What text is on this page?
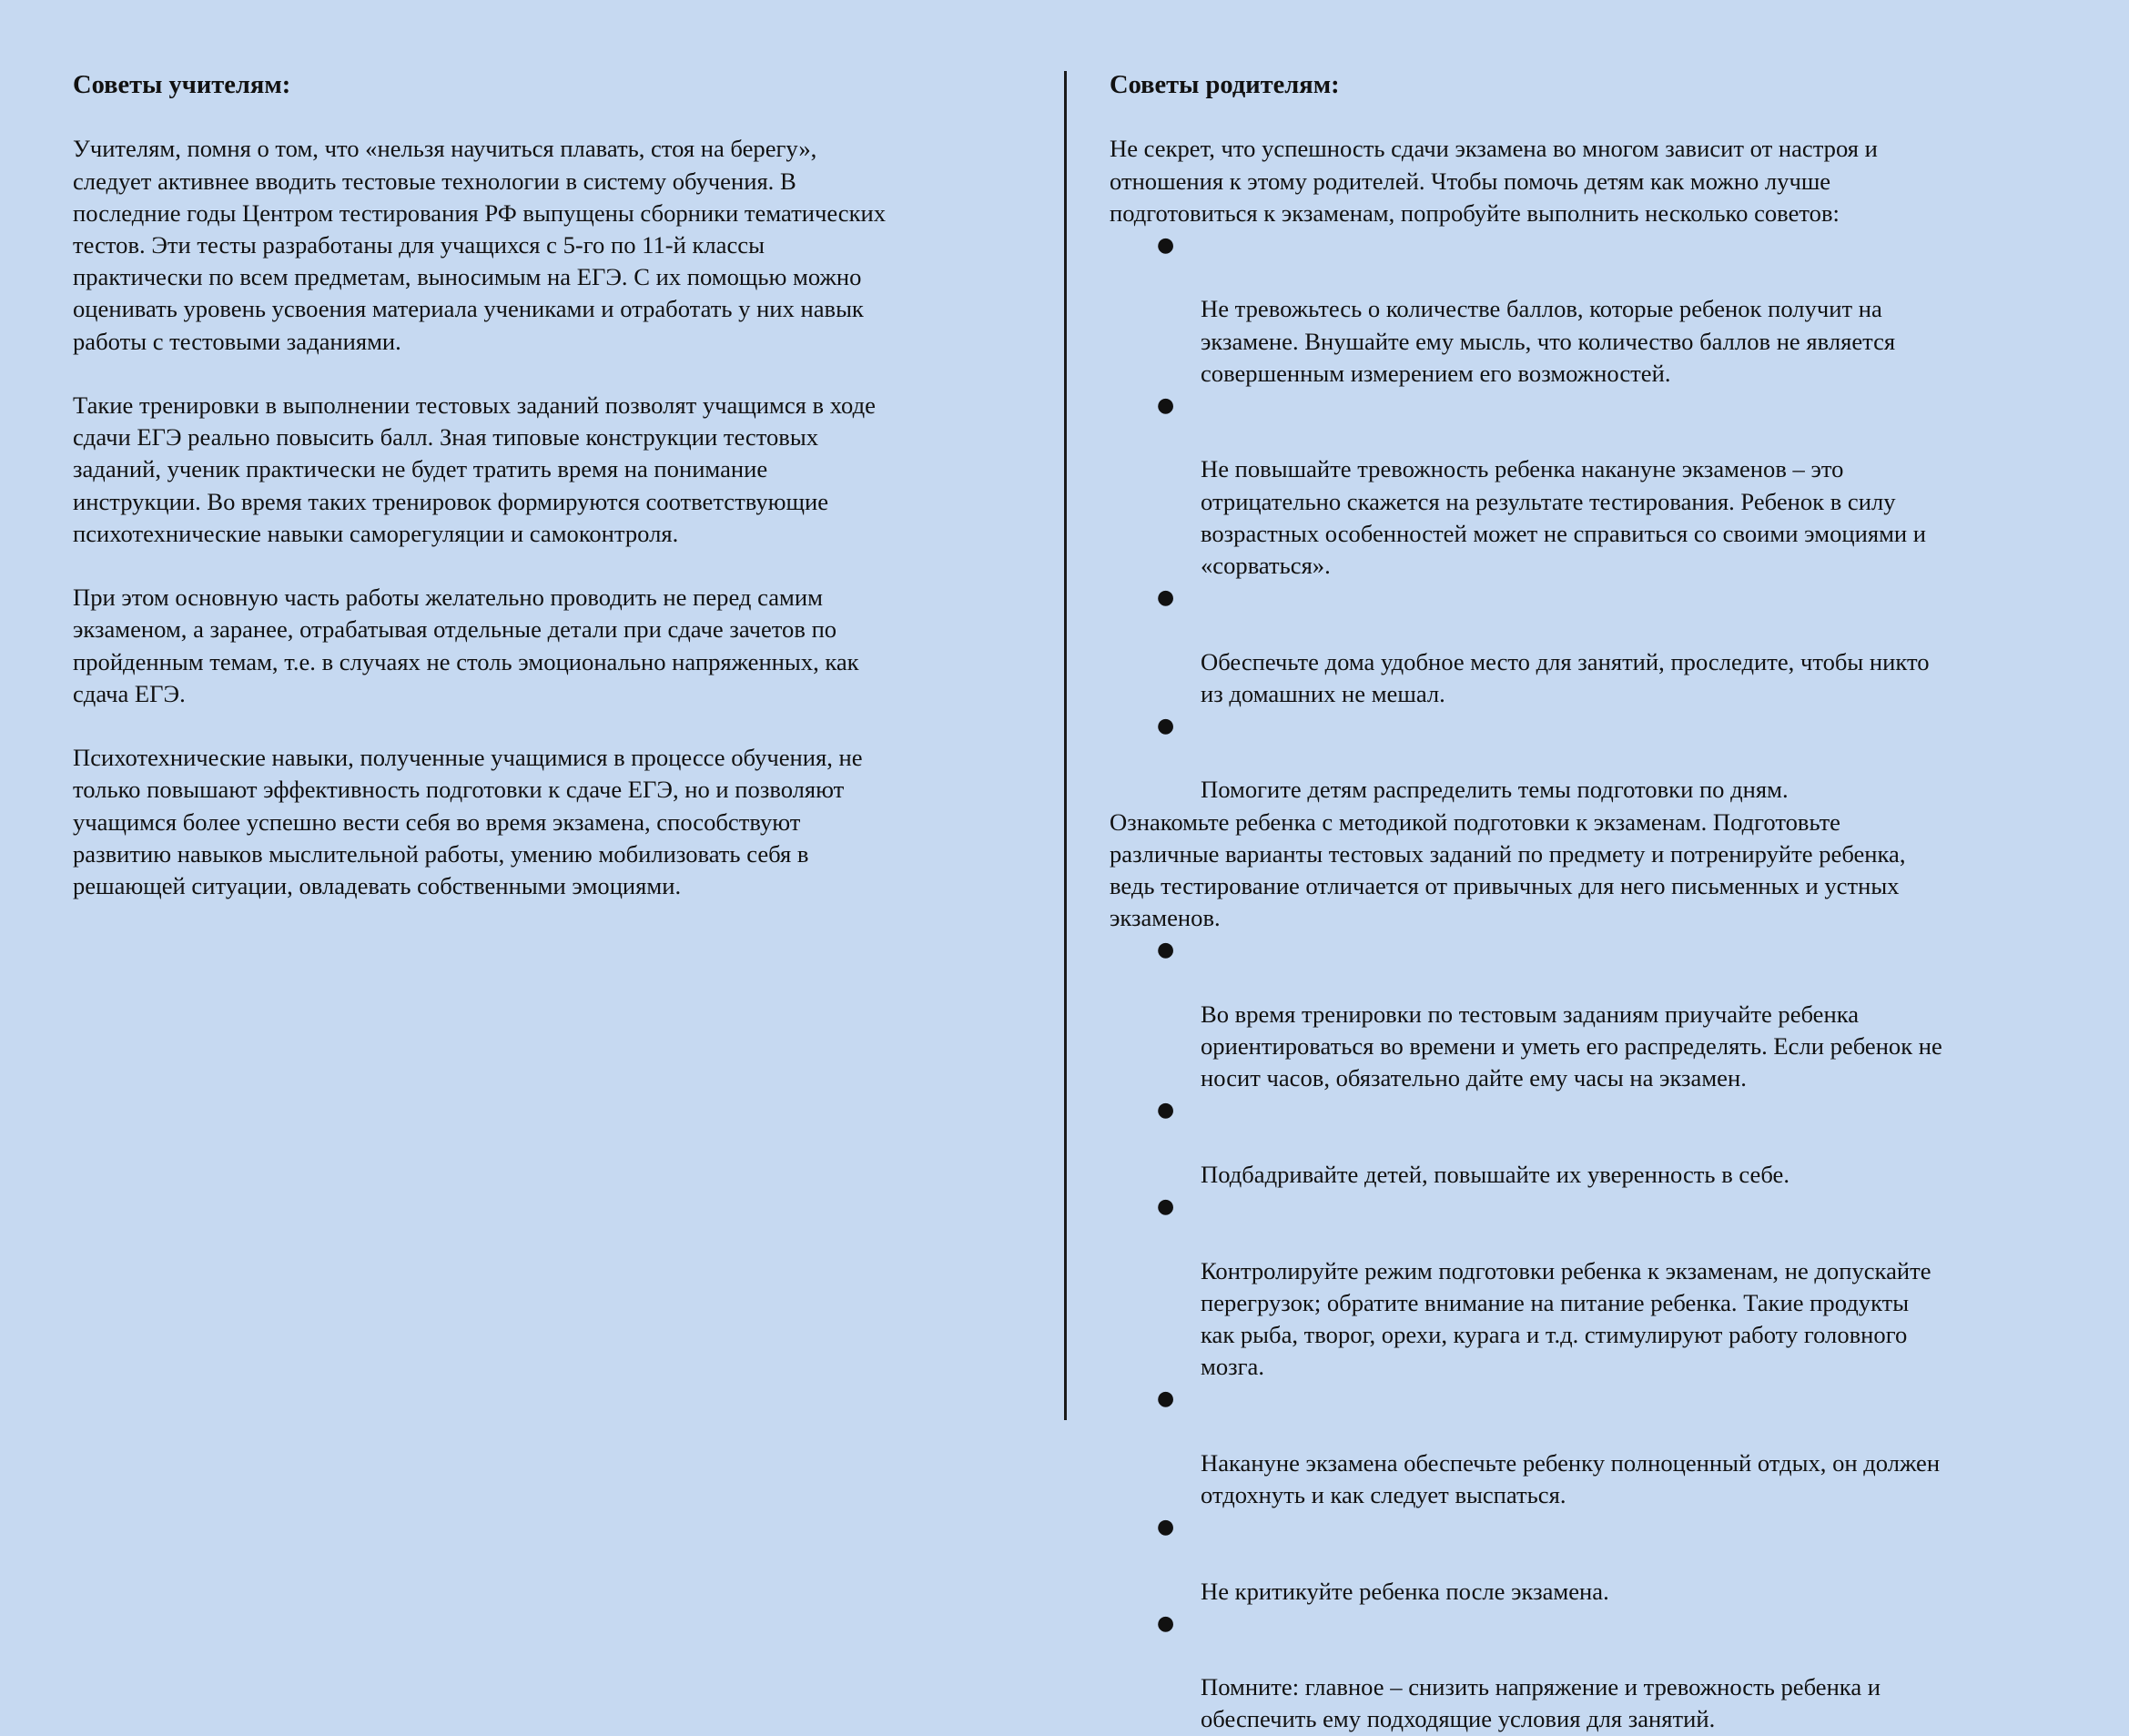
Советы учителям:

Учителям, помня о том, что «нельзя научиться плавать, стоя на берегу»,
следует активнее вводить тестовые технологии в систему обучения. В
последние годы Центром тестирования РФ выпущены сборники тематических
тестов. Эти тесты разработаны для учащихся с 5-го по 11-й классы
практически по всем предметам, выносимым на ЕГЭ. С их помощью можно
оценивать уровень усвоения материала учениками и отработать у них навык
работы с тестовыми заданиями.

Такие тренировки в выполнении тестовых заданий позволят учащимся в ходе
сдачи ЕГЭ реально повысить балл. Зная типовые конструкции тестовых
заданий, ученик практически не будет тратить время на понимание
инструкции. Во время таких тренировок формируются соответствующие
психотехнические навыки саморегуляции и самоконтроля.

При этом основную часть работы желательно проводить не перед самим
экзаменом, а заранее, отрабатывая отдельные детали при сдаче зачетов по
пройденным темам, т.е. в случаях не столь эмоционально напряженных, как
сдача ЕГЭ.

Психотехнические навыки, полученные учащимися в процессе обучения, не
только повышают эффективность подготовки к сдаче ЕГЭ, но и позволяют
учащимся более успешно вести себя во время экзамена, способствуют
развитию навыков мыслительной работы, умению мобилизовать себя в
решающей ситуации, овладевать собственными эмоциями.

Советы родителям:

Не секрет, что успешность сдачи экзамена во многом зависит от настроя и
отношения к этому родителей. Чтобы помочь детям как можно лучше
подготовиться к экзаменам, попробуйте выполнить несколько советов:

●

Не тревожьтесь о количестве баллов, которые ребенок получит на
экзамене. Внушайте ему мысль, что количество баллов не является
совершенным измерением его возможностей.

●

Не повышайте тревожность ребенка накануне экзаменов – это
отрицательно скажется на результате тестирования. Ребенок в силу
возрастных особенностей может не справиться со своими эмоциями и
«сорваться».

●

Обеспечьте дома удобное место для занятий, проследите, чтобы никто
из домашних не мешал.

●

Помогите детям распределить темы подготовки по дням.

Ознакомьте ребенка с методикой подготовки к экзаменам. Подготовьте
различные варианты тестовых заданий по предмету и потренируйте ребенка,
ведь тестирование отличается от привычных для него письменных и устных
экзаменов.

●

Во время тренировки по тестовым заданиям приучайте ребенка
ориентироваться во времени и уметь его распределять. Если ребенок не
носит часов, обязательно дайте ему часы на экзамен.

●

Подбадривайте детей, повышайте их уверенность в себе.

●

Контролируйте режим подготовки ребенка к экзаменам, не допускайте
перегрузок; обратите внимание на питание ребенка. Такие продукты
как рыба, творог, орехи, курага и т.д. стимулируют работу головного
мозга.

●

Накануне экзамена обеспечьте ребенку полноценный отдых, он должен
отдохнуть и как следует выспаться.

●

Не критикуйте ребенка после экзамена.

●

Помните: главное – снизить напряжение и тревожность ребенка и
обеспечить ему подходящие условия для занятий.
